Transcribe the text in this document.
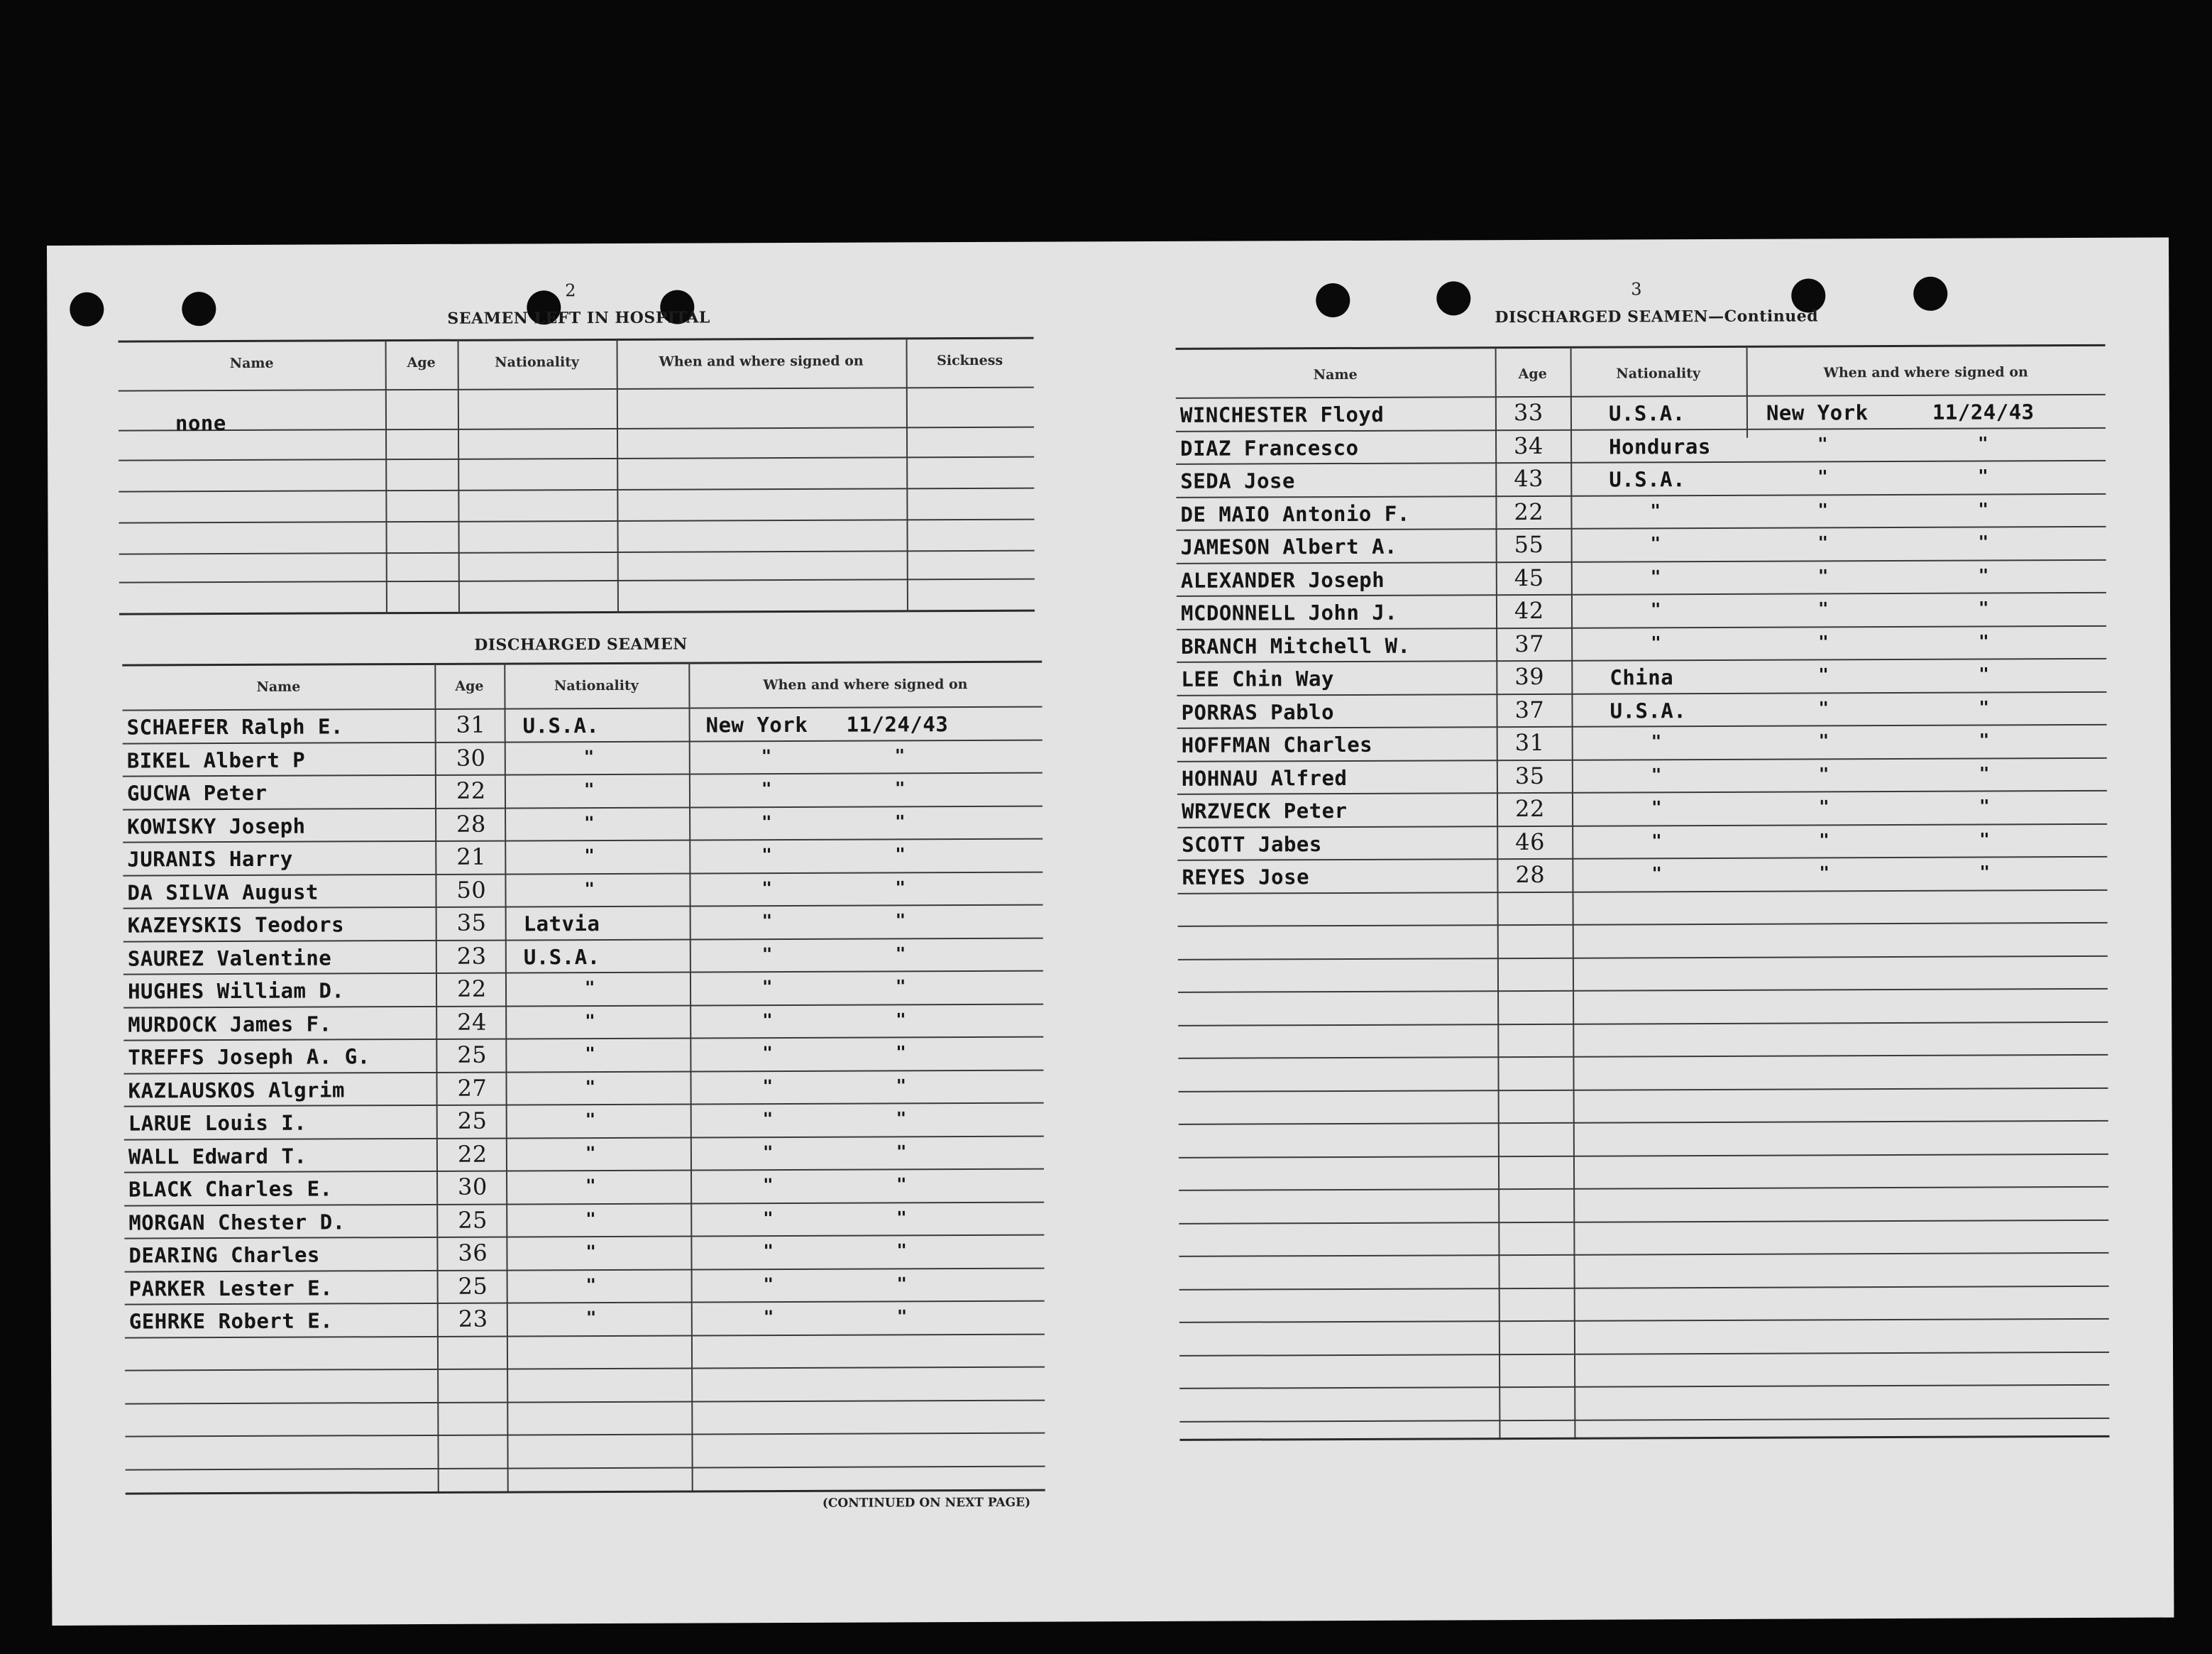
2
SEAMEN LEFT IN HOSPITAL
Name	Age	Nationality	When and where signed on	Sickness
none
DISCHARGED SEAMEN
Name	Age	Nationality	When and where signed on
SCHAEFER Ralph E.	31 U.S.A.	New York 11/24/43
BIKEL Albert P	30	"	"	"
GUCWA Peter	22	"	"	"
KOWISKY Joseph	28	"	"	"
JURANIS Harry	21	"	"	"
DA SILVA August	50	"	"	"
KAZEYSKIS Teodors	35 Latvia	"	"
SAUREZ Valentine	23 U.S.A.	"	"
HUGHES William D.	22	"	"	"
MURDOCK James F.	24	"	"	"
TREFFS Joseph A. G.	25	"	"	"
KAZLAUSKOS Algrim	27	"	"	"
LARUE Louis I.	25	"	"	"
WALL Edward T.	22	"	"	"
BLACK Charles E.	30	"	"	"
MORGAN Chester D.	25	"	"	"
DEARING Charles	36	"	"	"
PARKER Lester E.	25	"	"	"
GEHRKE Robert E.	23	"	"	"
(CONTINUED ON NEXT PAGE)
3
DISCHARGED SEAMEN—Continued
Name	Age	Nationality	When and where signed on
WINCHESTER Floyd	33	U.S.A.	New York	11/24/43
DIAZ Francesco	34	Honduras	"	"
SEDA Jose	43	U.S.A.	"	"
DE MAIO Antonio F.	22	"	"	"
JAMESON Albert A.	55	"	"	"
ALEXANDER Joseph	45	"	"	"
MCDONNELL John J.	42	"	"	"
BRANCH Mitchell W.	37	"	"	"
LEE Chin Way	39	China	"	"
PORRAS Pablo	37	U.S.A.	"	"
HOFFMAN Charles	31	"	"	"
HOHNAU Alfred	35	"	"	"
WRZVECK Peter	22	"	"	"
SCOTT Jabes	46	"	"	"
REYES Jose	28	"	"	"
